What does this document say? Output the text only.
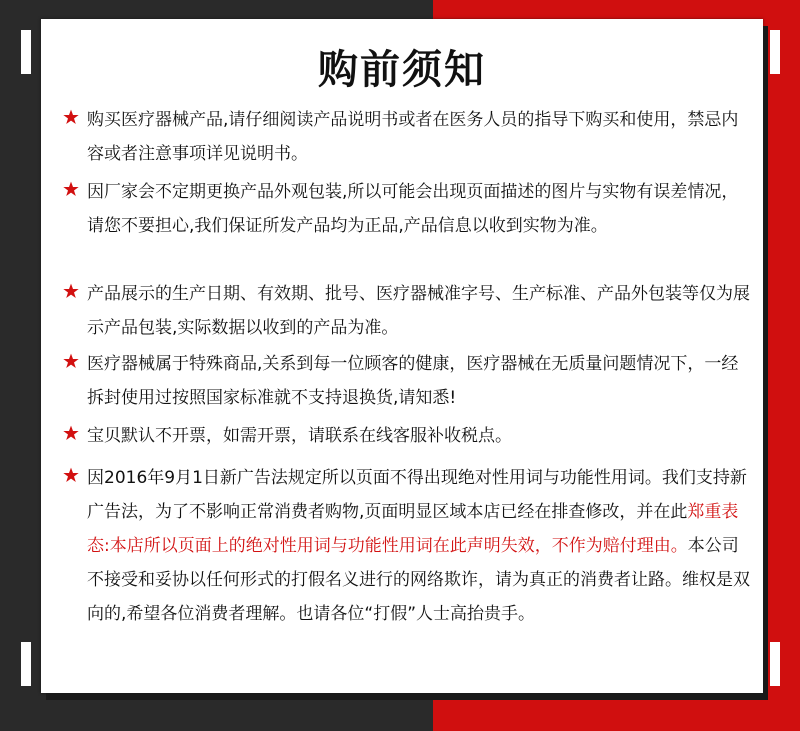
购前须知
购买医疗器械产品,请仔细阅读产品说明书或者在医务人员的指导下购买和使用，禁忌内容或者注意事项详见说明书。
因厂家会不定期更换产品外观包装,所以可能会出现页面描述的图片与实物有误差情况，请您不要担心,我们保证所发产品均为正品,产品信息以收到实物为准。
产品展示的生产日期、有效期、批号、医疗器械准字号、生产标准、产品外包装等仅为展示产品包装,实际数据以收到的产品为准。
医疗器械属于特殊商品,关系到每一位顾客的健康，医疗器械在无质量问题情况下，一经拆封使用过按照国家标准就不支持退换货,请知悉!
宝贝默认不开票，如需开票，请联系在线客服补收税点。
因2016年9月1日新广告法规定所以页面不得出现绝对性用词与功能性用词。我们支持新广告法，为了不影响正常消费者购物,页面明显区域本店已经在排查修改，并在此郑重表态:本店所以页面上的绝对性用词与功能性用词在此声明失效，不作为赔付理由。本公司不接受和妥协以任何形式的打假名义进行的网络欺诈，请为真正的消费者让路。维权是双向的,希望各位消费者理解。也请各位“打假”人士高抬贵手。
